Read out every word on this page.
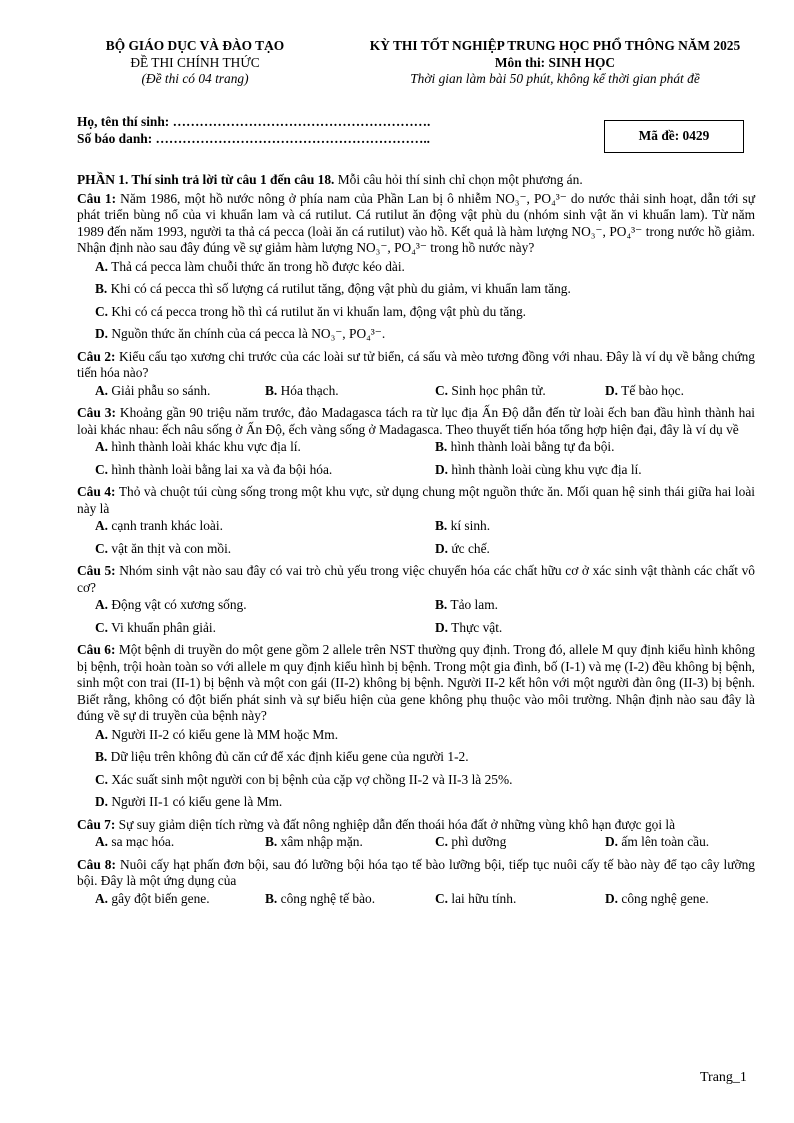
BỘ GIÁO DỤC VÀ ĐÀO TẠO
ĐỀ THI CHÍNH THỨC
(Đề thi có 04 trang)
KỲ THI TỐT NGHIỆP TRUNG HỌC PHỔ THÔNG NĂM 2025
Môn thi: SINH HỌC
Thời gian làm bài 50 phút, không kể thời gian phát đề
Họ, tên thí sinh: ………………………………………………….
Số báo danh: ……………………………………………………..	Mã đề: 0429

PHẦN 1. Thí sinh trả lời từ câu 1 đến câu 18. Mỗi câu hỏi thí sinh chỉ chọn một phương án.

Câu 1: Năm 1986, một hồ nước nông ở phía nam của Phần Lan bị ô nhiễm NO₃⁻, PO₄³⁻ do nước thải sinh hoạt, dẫn tới sự phát triển bùng nổ của vi khuẩn lam và cá rutilut. Cá rutilut ăn động vật phù du (nhóm sinh vật ăn vi khuẩn lam). Từ năm 1989 đến năm 1993, người ta thả cá pecca (loài ăn cá rutilut) vào hồ. Kết quả là hàm lượng NO₃⁻, PO₄³⁻ trong nước hồ giảm. Nhận định nào sau đây đúng về sự giảm hàm lượng NO₃⁻, PO₄³⁻ trong hồ nước này?

A. Thả cá pecca làm chuỗi thức ăn trong hồ được kéo dài.
B. Khi có cá pecca thì số lượng cá rutilut tăng, động vật phù du giảm, vi khuẩn lam tăng.
C. Khi có cá pecca trong hồ thì cá rutilut ăn vi khuẩn lam, động vật phù du tăng.
D. Nguồn thức ăn chính của cá pecca là NO₃⁻, PO₄³⁻.

Câu 2: Kiểu cấu tạo xương chi trước của các loài sư tử biển, cá sấu và mèo tương đồng với nhau. Đây là ví dụ về bằng chứng tiến hóa nào?

A. Giải phẫu so sánh.	B. Hóa thạch.	C. Sinh học phân tử.	D. Tế bào học.

Câu 3: Khoảng gần 90 triệu năm trước, đảo Madagasca tách ra từ lục địa Ấn Độ dẫn đến từ loài ếch ban đầu hình thành hai loài khác nhau: ếch nâu sống ở Ấn Độ, ếch vàng sống ở Madagasca. Theo thuyết tiến hóa tổng hợp hiện đại, đây là ví dụ về

A. hình thành loài khác khu vực địa lí.	B. hình thành loài bằng tự đa bội.
C. hình thành loài bằng lai xa và đa bội hóa.	D. hình thành loài cùng khu vực địa lí.

Câu 4: Thỏ và chuột túi cùng sống trong một khu vực, sử dụng chung một nguồn thức ăn. Mối quan hệ sinh thái giữa hai loài này là

A. cạnh tranh khác loài.	B. kí sinh.
C. vật ăn thịt và con mồi.	D. ức chế.

Câu 5: Nhóm sinh vật nào sau đây có vai trò chủ yếu trong việc chuyển hóa các chất hữu cơ ở xác sinh vật thành các chất vô cơ?

A. Động vật có xương sống.	B. Tảo lam.
C. Vi khuẩn phân giải.	D. Thực vật.

Câu 6: Một bệnh di truyền do một gene gồm 2 allele trên NST thường quy định. Trong đó, allele M quy định kiểu hình không bị bệnh, trội hoàn toàn so với allele m quy định kiểu hình bị bệnh. Trong một gia đình, bố (I-1) và mẹ (I-2) đều không bị bệnh, sinh một con trai (II-1) bị bệnh và một con gái (II-2) không bị bệnh. Người II-2 kết hôn với một người đàn ông (II-3) bị bệnh. Biết rằng, không có đột biến phát sinh và sự biểu hiện của gene không phụ thuộc vào môi trường. Nhận định nào sau đây là đúng về sự di truyền của bệnh này?

A. Người II-2 có kiểu gene là MM hoặc Mm.
B. Dữ liệu trên không đủ căn cứ để xác định kiểu gene của người 1-2.
C. Xác suất sinh một người con bị bệnh của cặp vợ chồng II-2 và II-3 là 25%.
D. Người II-1 có kiểu gene là Mm.

Câu 7: Sự suy giảm diện tích rừng và đất nông nghiệp dẫn đến thoái hóa đất ở những vùng khô hạn được gọi là

A. sa mạc hóa.	B. xâm nhập mặn.	C. phì dưỡng	D. ấm lên toàn cầu.

Câu 8: Nuôi cấy hạt phấn đơn bội, sau đó lưỡng bội hóa tạo tế bào lưỡng bội, tiếp tục nuôi cấy tế bào này để tạo cây lưỡng bội. Đây là một ứng dụng của

A. gây đột biến gene.	B. công nghệ tế bào.	C. lai hữu tính.	D. công nghệ gene.
Trang_1
